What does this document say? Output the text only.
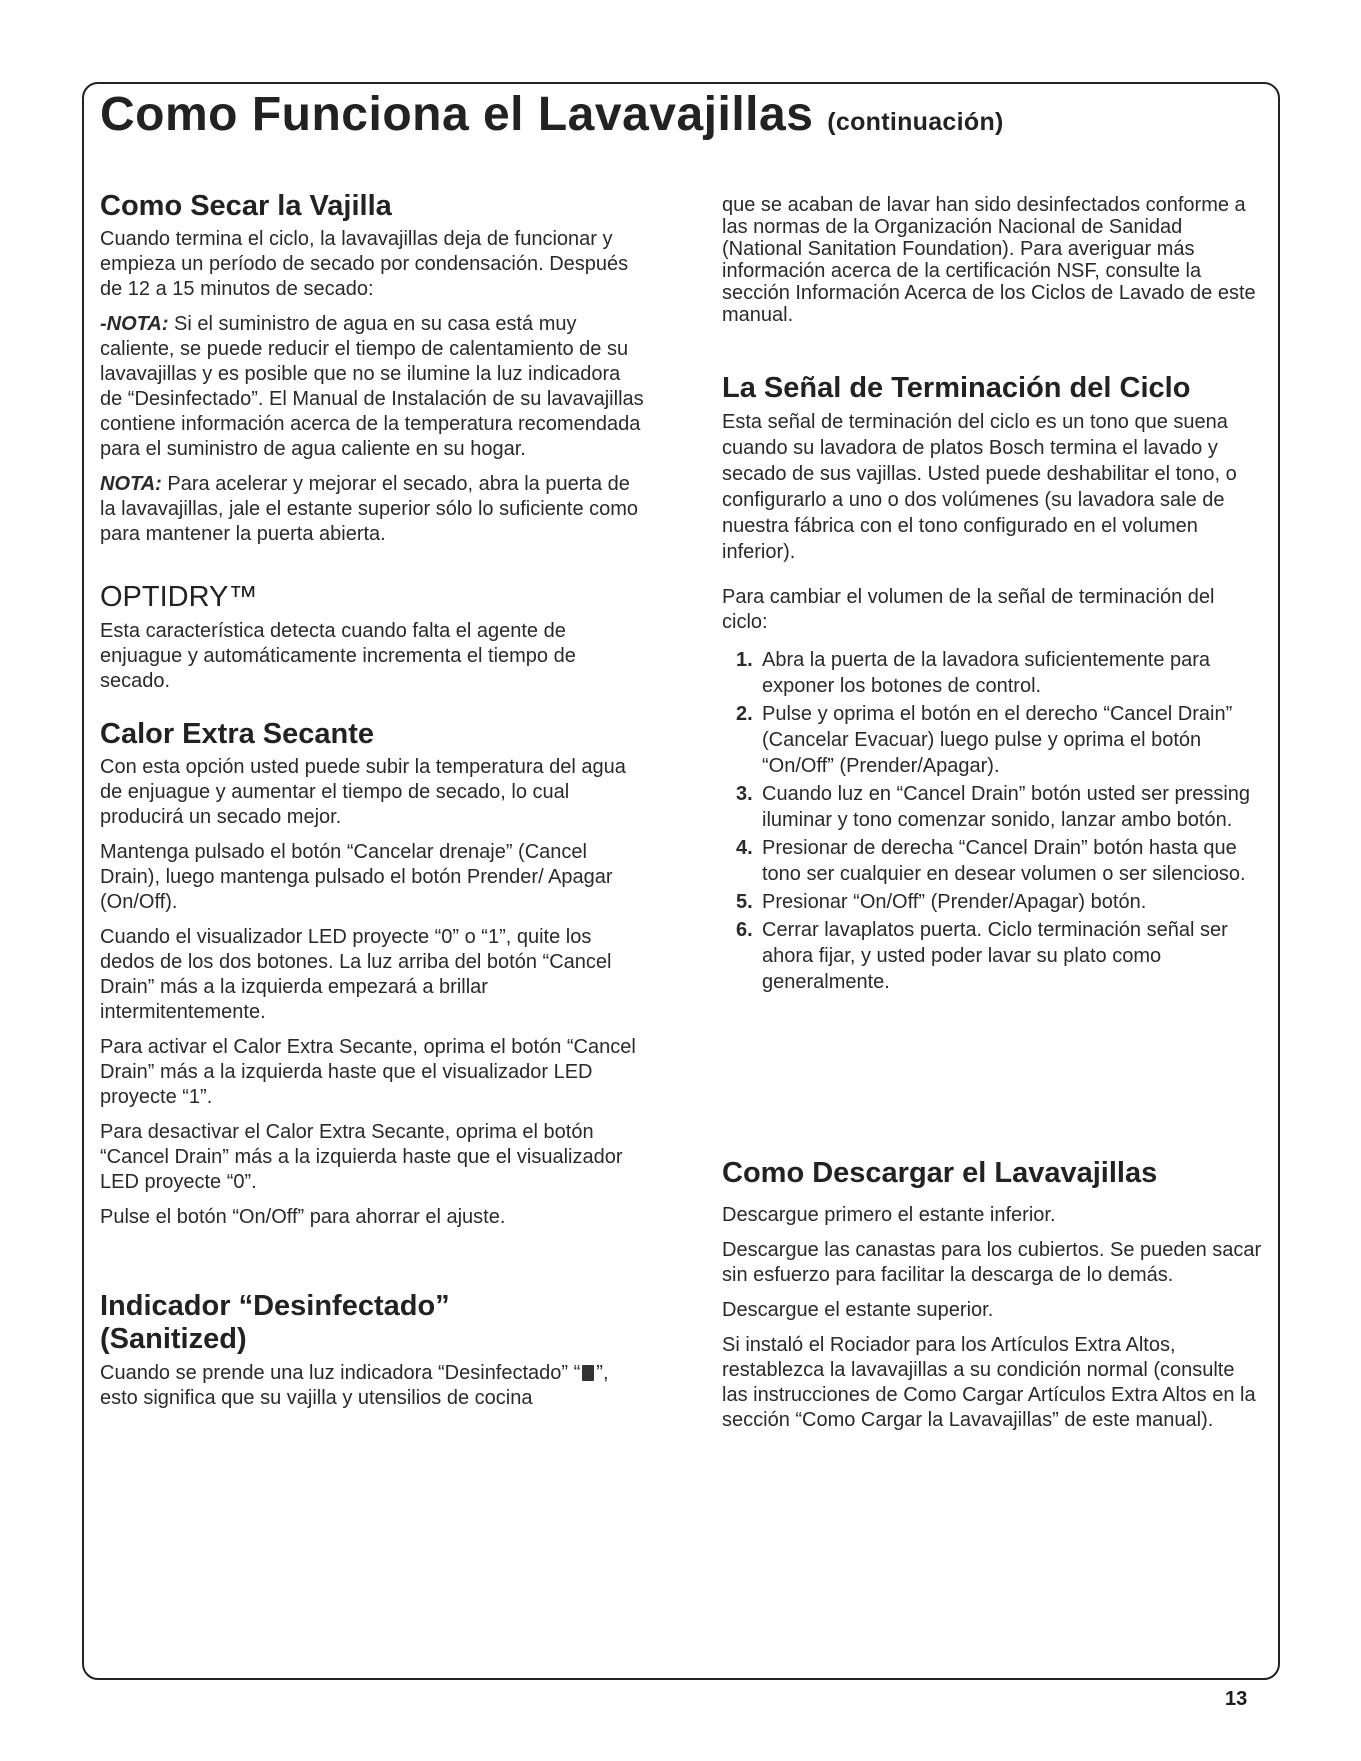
Como Funciona el Lavavajillas (continuación)
Como Secar la Vajilla

Cuando termina el ciclo, la lavavajillas deja de funcionar y empieza un período de secado por condensación. Después de 12 a 15 minutos de secado:

-NOTA: Si el suministro de agua en su casa está muy caliente, se puede reducir el tiempo de calentamiento de su lavavajillas y es posible que no se ilumine la luz indicadora de “Desinfectado”. El Manual de Instalación de su lavavajillas contiene información acerca de la temperatura recomendada para el suministro de agua caliente en su hogar.

NOTA: Para acelerar y mejorar el secado, abra la puerta de la lavavajillas, jale el estante superior sólo lo suficiente como para mantener la puerta abierta.

OPTIDRY™

Esta característica detecta cuando falta el agente de enjuague y automáticamente incrementa el tiempo de secado.

Calor Extra Secante

Con esta opción usted puede subir la temperatura del agua de enjuague y aumentar el tiempo de secado, lo cual producirá un secado mejor.

Mantenga pulsado el botón “Cancelar drenaje” (Cancel Drain), luego mantenga pulsado el botón Prender/ Apagar (On/Off).

Cuando el visualizador LED proyecte “0” o “1”, quite los dedos de los dos botones. La luz arriba del botón “Cancel Drain” más a la izquierda empezará a brillar intermitentemente.

Para activar el Calor Extra Secante, oprima el botón “Cancel Drain” más a la izquierda haste que el visualizador LED proyecte “1”.

Para desactivar el Calor Extra Secante, oprima el botón “Cancel Drain” más a la izquierda haste que el visualizador LED proyecte “0”.

Pulse el botón “On/Off” para ahorrar el ajuste.

Indicador “Desinfectado”
(Sanitized)

Cuando se prende una luz indicadora “Desinfectado” “ ”, esto significa que su vajilla y utensilios de cocina

que se acaban de lavar han sido desinfectados conforme a las normas de la Organización Nacional de Sanidad (National Sanitation Foundation). Para averiguar más información acerca de la certificación NSF, consulte la sección Información Acerca de los Ciclos de Lavado de este manual.

La Señal de Terminación del Ciclo

Esta señal de terminación del ciclo es un tono que suena cuando su lavadora de platos Bosch termina el lavado y secado de sus vajillas. Usted puede deshabilitar el tono, o configurarlo a uno o dos volúmenes (su lavadora sale de nuestra fábrica con el tono configurado en el volumen inferior).

Para cambiar el volumen de la señal de terminación del ciclo:

1. Abra la puerta de la lavadora suficientemente para exponer los botones de control.
2. Pulse y oprima el botón en el derecho “Cancel Drain” (Cancelar Evacuar) luego pulse y oprima el botón “On/Off” (Prender/Apagar).
3. Cuando luz en “Cancel Drain” botón usted ser pressing iluminar y tono comenzar sonido, lanzar ambo botón.
4. Presionar de derecha “Cancel Drain” botón hasta que tono ser cualquier en desear volumen o ser silencioso.
5. Presionar “On/Off” (Prender/Apagar) botón.
6. Cerrar lavaplatos puerta. Ciclo terminación señal ser ahora fijar, y usted poder lavar su plato como generalmente.
Como Descargar el Lavavajillas

Descargue primero el estante inferior.

Descargue las canastas para los cubiertos. Se pueden sacar sin esfuerzo para facilitar la descarga de lo demás.

Descargue el estante superior.

Si instaló el Rociador para los Artículos Extra Altos, restablezca la lavavajillas a su condición normal (consulte las instrucciones de Como Cargar Artículos Extra Altos en la sección “Como Cargar la Lavavajillas” de este manual).

13
